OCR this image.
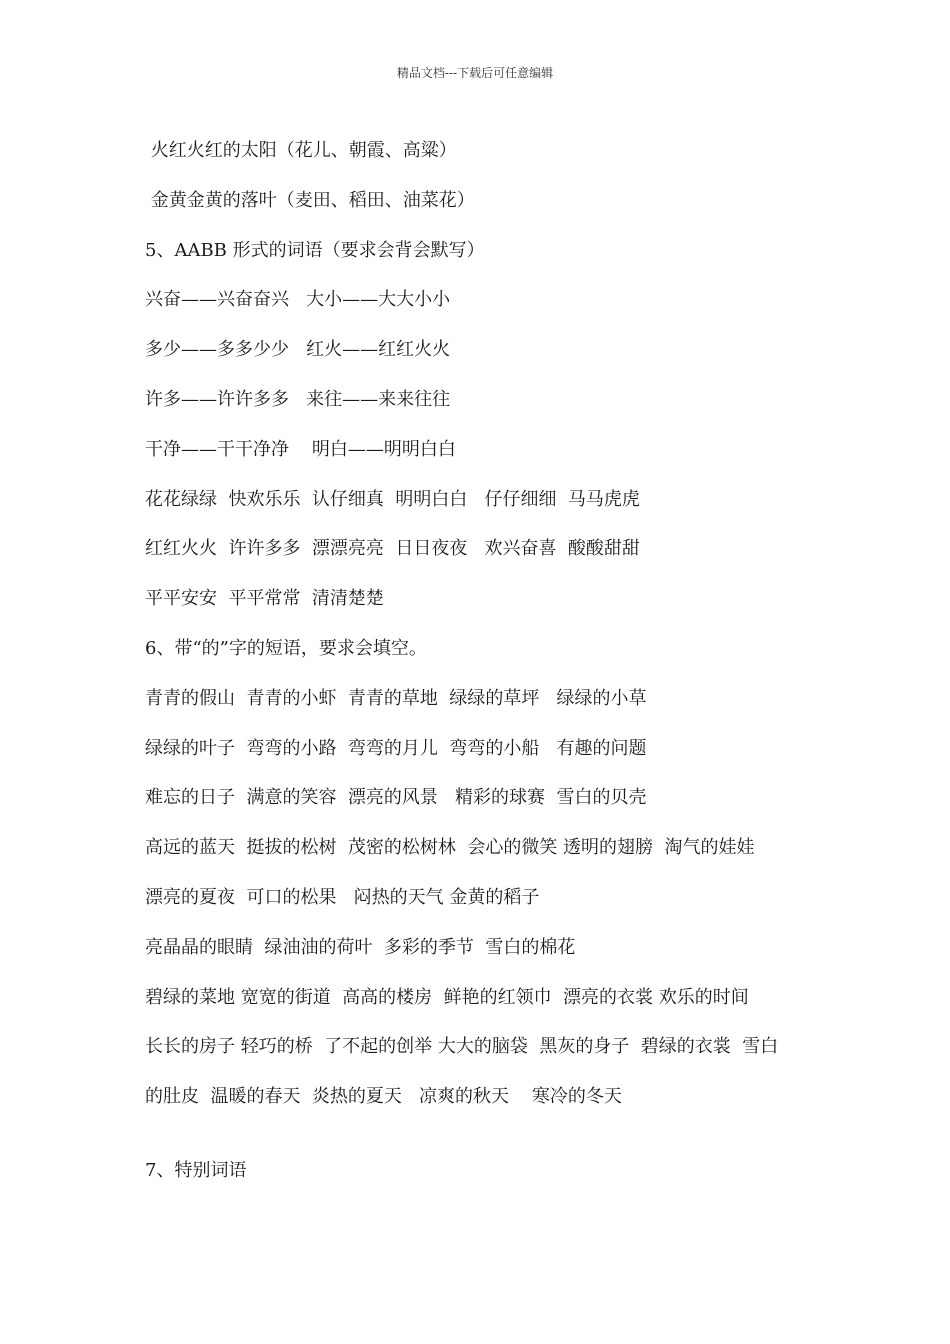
精品文档---下载后可任意编辑
火红火红的太阳（花儿、朝霞、高粱）
金黄金黄的落叶（麦田、稻田、油菜花）
5、AABB 形式的词语（要求会背会默写）
兴奋——兴奋奋兴   大小——大大小小
多少——多多少少   红火——红红火火
许多——许许多多   来往——来来往往
干净——干干净净    明白——明明白白
花花绿绿  快欢乐乐  认仔细真  明明白白   仔仔细细  马马虎虎
红红火火  许许多多  漂漂亮亮  日日夜夜   欢兴奋喜  酸酸甜甜
平平安安  平平常常  清清楚楚
6、带“的”字的短语，要求会填空。
青青的假山  青青的小虾  青青的草地  绿绿的草坪   绿绿的小草
绿绿的叶子  弯弯的小路  弯弯的月儿  弯弯的小船   有趣的问题
难忘的日子  满意的笑容  漂亮的风景   精彩的球赛  雪白的贝壳
高远的蓝天  挺拔的松树  茂密的松树林  会心的微笑 透明的翅膀  淘气的娃娃
漂亮的夏夜  可口的松果   闷热的天气 金黄的稻子
亮晶晶的眼睛  绿油油的荷叶  多彩的季节  雪白的棉花
碧绿的菜地 宽宽的街道  高高的楼房  鲜艳的红领巾  漂亮的衣裳 欢乐的时间
长长的房子 轻巧的桥  了不起的创举 大大的脑袋  黑灰的身子  碧绿的衣裳  雪白
的肚皮  温暖的春天  炎热的夏天   凉爽的秋天    寒冷的冬天
7、特别词语
